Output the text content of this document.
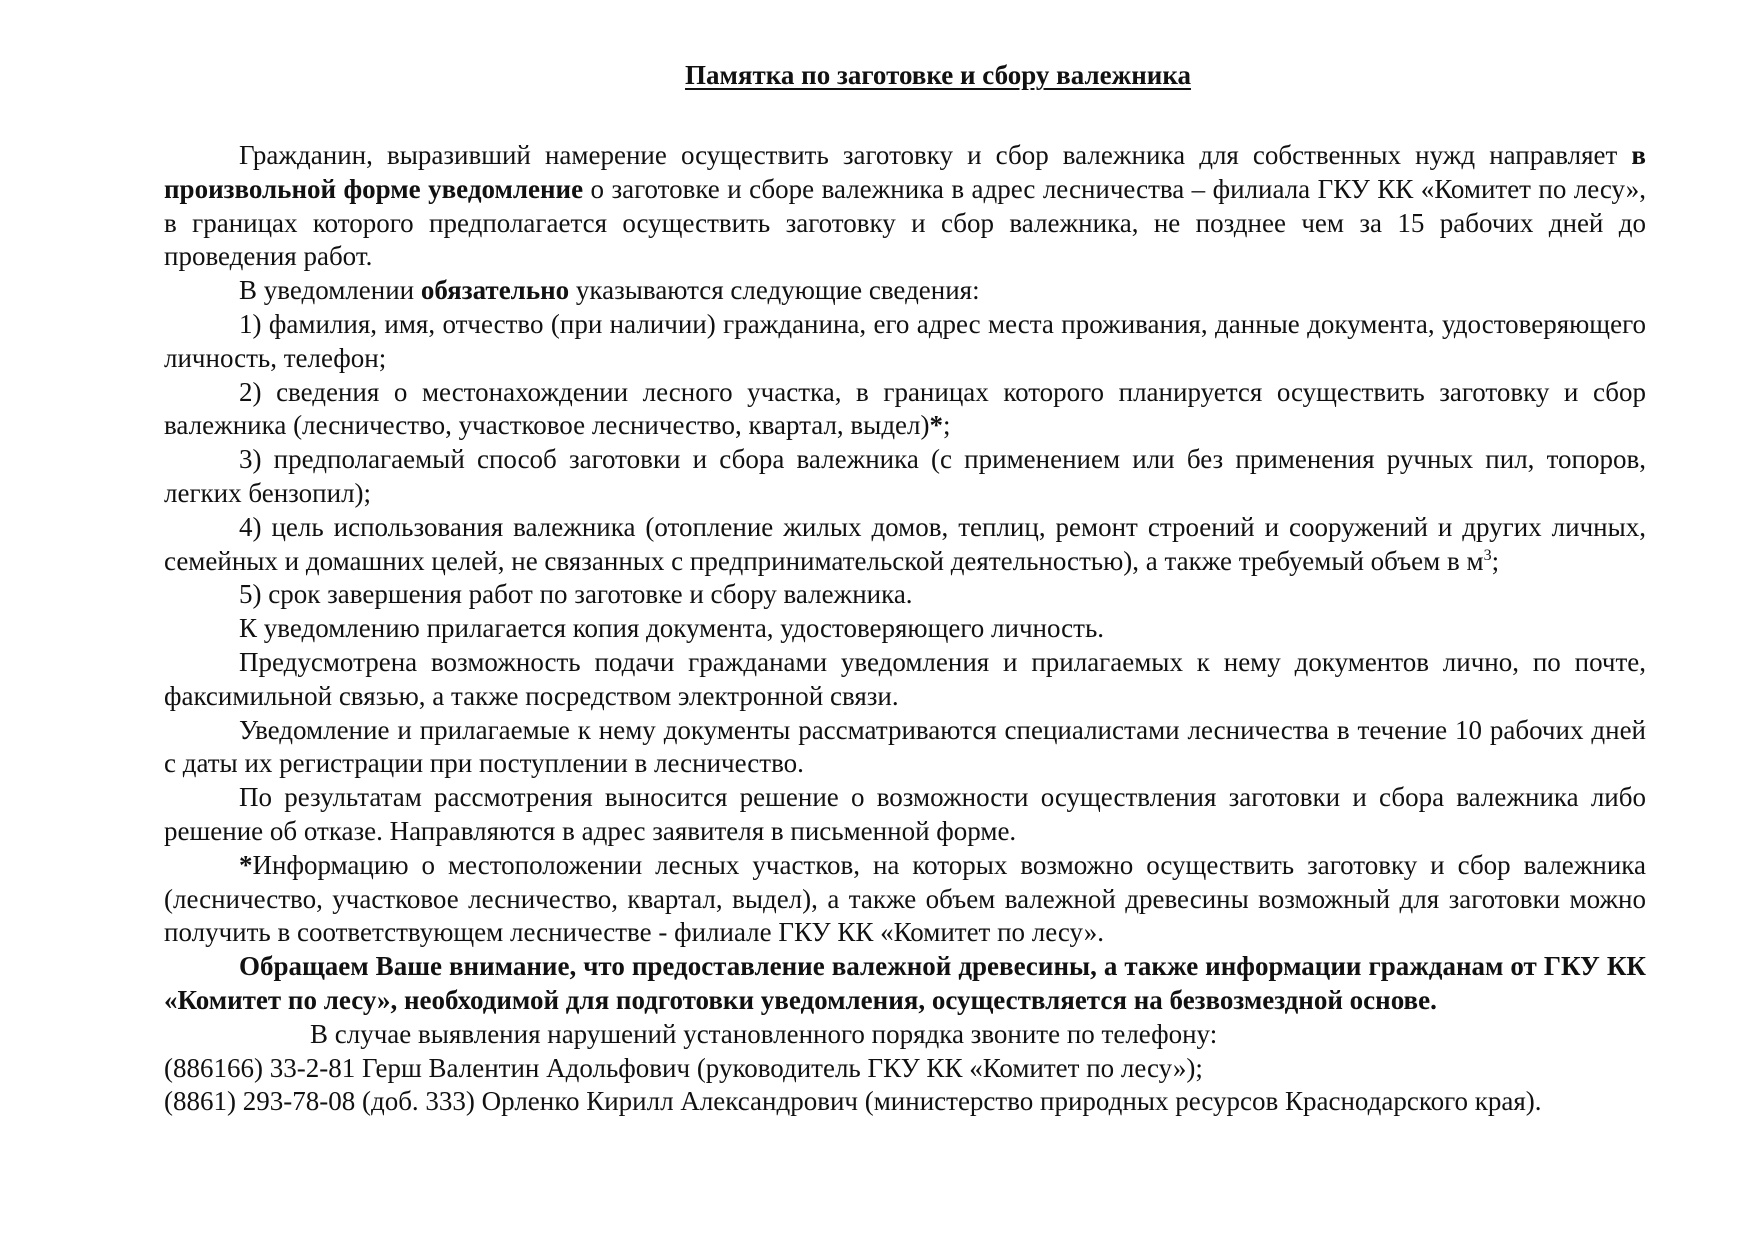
Памятка по заготовке и сбору валежника

Гражданин, выразивший намерение осуществить заготовку и сбор валежника для собственных нужд направляет в произвольной форме уведомление о заготовке и сборе валежника в адрес лесничества – филиала ГКУ КК «Комитет по лесу», в границах которого предполагается осуществить заготовку и сбор валежника, не позднее чем за 15 рабочих дней до проведения работ.

В уведомлении обязательно указываются следующие сведения:

1) фамилия, имя, отчество (при наличии) гражданина, его адрес места проживания, данные документа, удостоверяющего личность, телефон;

2) сведения о местонахождении лесного участка, в границах которого планируется осуществить заготовку и сбор валежника (лесничество, участковое лесничество, квартал, выдел)*;

3) предполагаемый способ заготовки и сбора валежника (с применением или без применения ручных пил, топоров, легких бензопил);

4) цель использования валежника (отопление жилых домов, теплиц, ремонт строений и сооружений и других личных, семейных и домашних целей, не связанных с предпринимательской деятельностью), а также требуемый объем в $м^3$;

5) срок завершения работ по заготовке и сбору валежника.

К уведомлению прилагается копия документа, удостоверяющего личность.

Предусмотрена возможность подачи гражданами уведомления и прилагаемых к нему документов лично, по почте, факсимильной связью, а также посредством электронной связи.

Уведомление и прилагаемые к нему документы рассматриваются специалистами лесничества в течение 10 рабочих дней с даты их регистрации при поступлении в лесничество.

По результатам рассмотрения выносится решение о возможности осуществления заготовки и сбора валежника либо решение об отказе. Направляются в адрес заявителя в письменной форме.

*Информацию о местоположении лесных участков, на которых возможно осуществить заготовку и сбор валежника (лесничество, участковое лесничество, квартал, выдел), а также объем валежной древесины возможный для заготовки можно получить в соответствующем лесничестве - филиале ГКУ КК «Комитет по лесу».

Обращаем Ваше внимание, что предоставление валежной древесины, а также информации гражданам от ГКУ КК «Комитет по лесу», необходимой для подготовки уведомления, осуществляется на безвозмездной основе.

В случае выявления нарушений установленного порядка звоните по телефону:

(886166) 33-2-81 Герш Валентин Адольфович (руководитель ГКУ КК «Комитет по лесу»);

(8861) 293-78-08 (доб. 333) Орленко Кирилл Александрович (министерство природных ресурсов Краснодарского края).
